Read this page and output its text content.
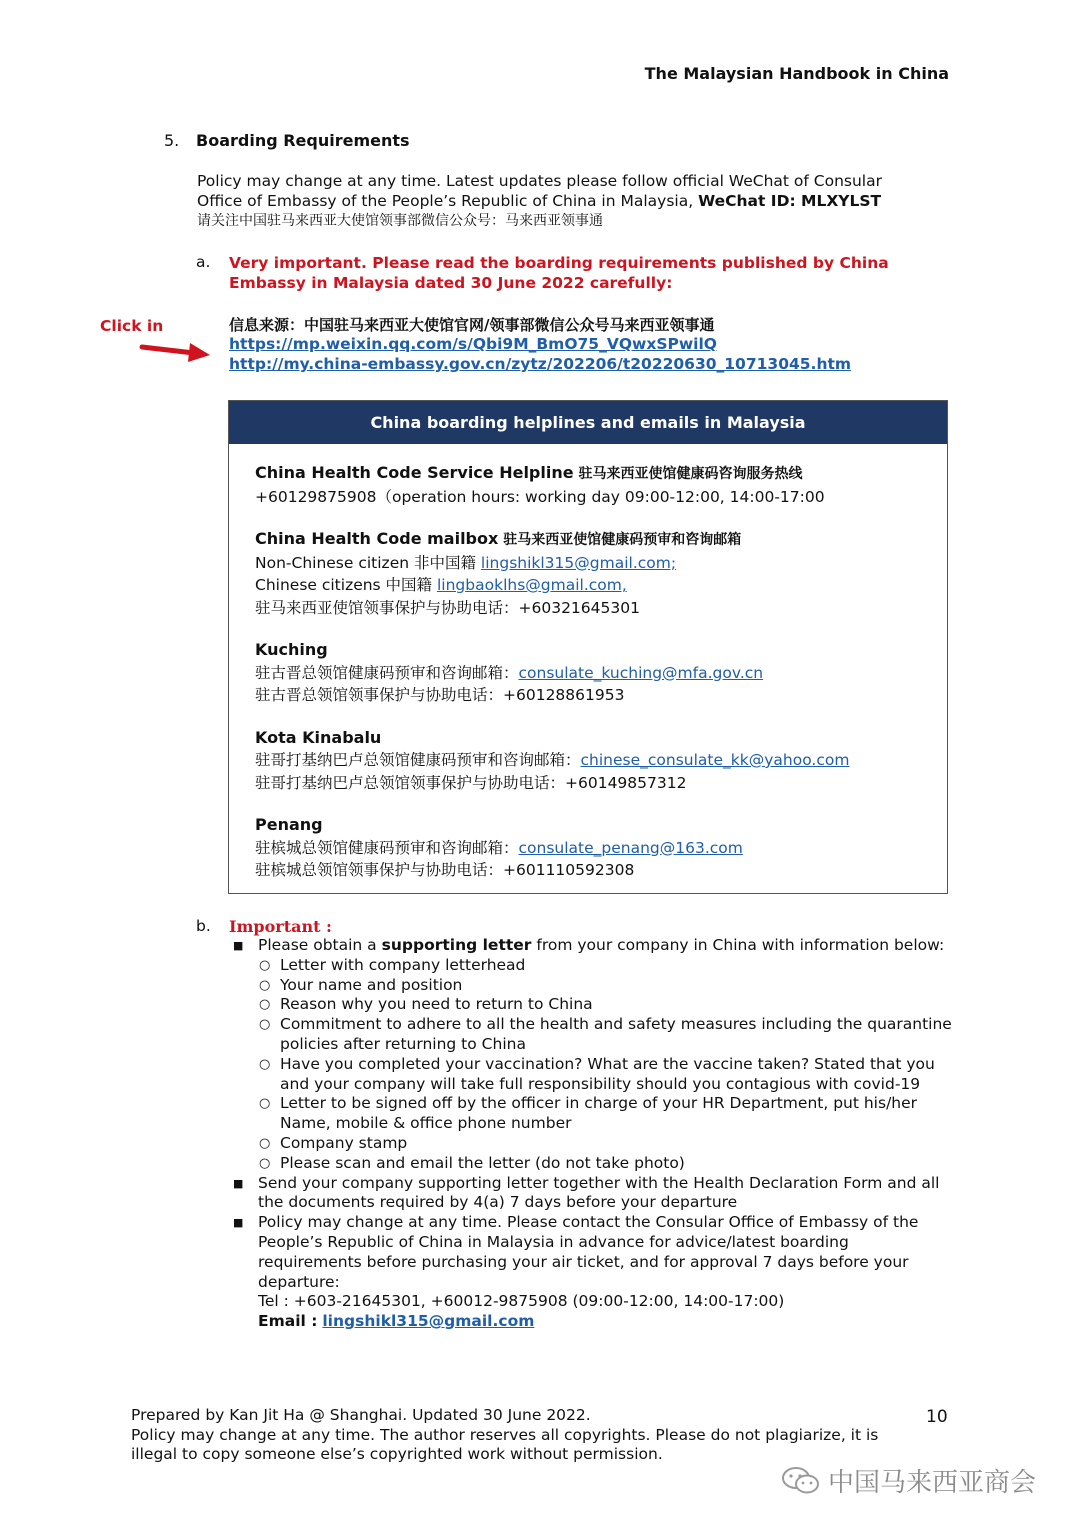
The Malaysian Handbook in China
5. Boarding Requirements
Policy may change at any time. Latest updates please follow official WeChat of Consular
Office of Embassy of the People’s Republic of China in Malaysia, WeChat ID: MLXYLST
请关注中国驻马来西亚大使馆领事部微信公众号：马来西亚领事通
a. Very important. Please read the boarding requirements published by China
Embassy in Malaysia dated 30 June 2022 carefully:
Click in	信息来源：中国驻马来西亚大使馆官网/领事部微信公众号马来西亚领事通
https://mp.weixin.qq.com/s/Qbi9M_BmO75_VQwxSPwilQ
http://my.china-embassy.gov.cn/zytz/202206/t20220630_10713045.htm
China boarding helplines and emails in Malaysia
China Health Code Service Helpline 驻马来西亚使馆健康码咨询服务热线
+60129875908（operation hours: working day 09:00-12:00, 14:00-17:00
China Health Code mailbox 驻马来西亚使馆健康码预审和咨询邮箱
Non-Chinese citizen 非中国籍 lingshikl315@gmail.com;
Chinese citizens 中国籍 lingbaoklhs@gmail.com,
驻马来西亚使馆领事保护与协助电话：+60321645301
Kuching
驻古晋总领馆健康码预审和咨询邮箱：consulate_kuching@mfa.gov.cn
驻古晋总领馆领事保护与协助电话：+60128861953
Kota Kinabalu
驻哥打基纳巴卢总领馆健康码预审和咨询邮箱：chinese_consulate_kk@yahoo.com
驻哥打基纳巴卢总领馆领事保护与协助电话：+60149857312
Penang
驻槟城总领馆健康码预审和咨询邮箱：consulate_penang@163.com
驻槟城总领馆领事保护与协助电话：+601110592308
b. Important :
■ Please obtain a supporting letter from your company in China with information below:
○ Letter with company letterhead
○ Your name and position
○ Reason why you need to return to China
○ Commitment to adhere to all the health and safety measures including the quarantine policies after returning to China
○ Have you completed your vaccination? What are the vaccine taken? Stated that you and your company will take full responsibility should you contagious with covid-19
○ Letter to be signed off by the officer in charge of your HR Department, put his/her Name, mobile & office phone number
○ Company stamp
○ Please scan and email the letter (do not take photo)
■ Send your company supporting letter together with the Health Declaration Form and all the documents required by 4(a) 7 days before your departure
■ Policy may change at any time. Please contact the Consular Office of Embassy of the People’s Republic of China in Malaysia in advance for advice/latest boarding requirements before purchasing your air ticket, and for approval 7 days before your departure:
Tel : +603-21645301, +60012-9875908 (09:00-12:00, 14:00-17:00)
Email : lingshikl315@gmail.com
Prepared by Kan Jit Ha @ Shanghai. Updated 30 June 2022.
Policy may change at any time. The author reserves all copyrights. Please do not plagiarize, it is illegal to copy someone else’s copyrighted work without permission.
10
中国马来西亚商会
